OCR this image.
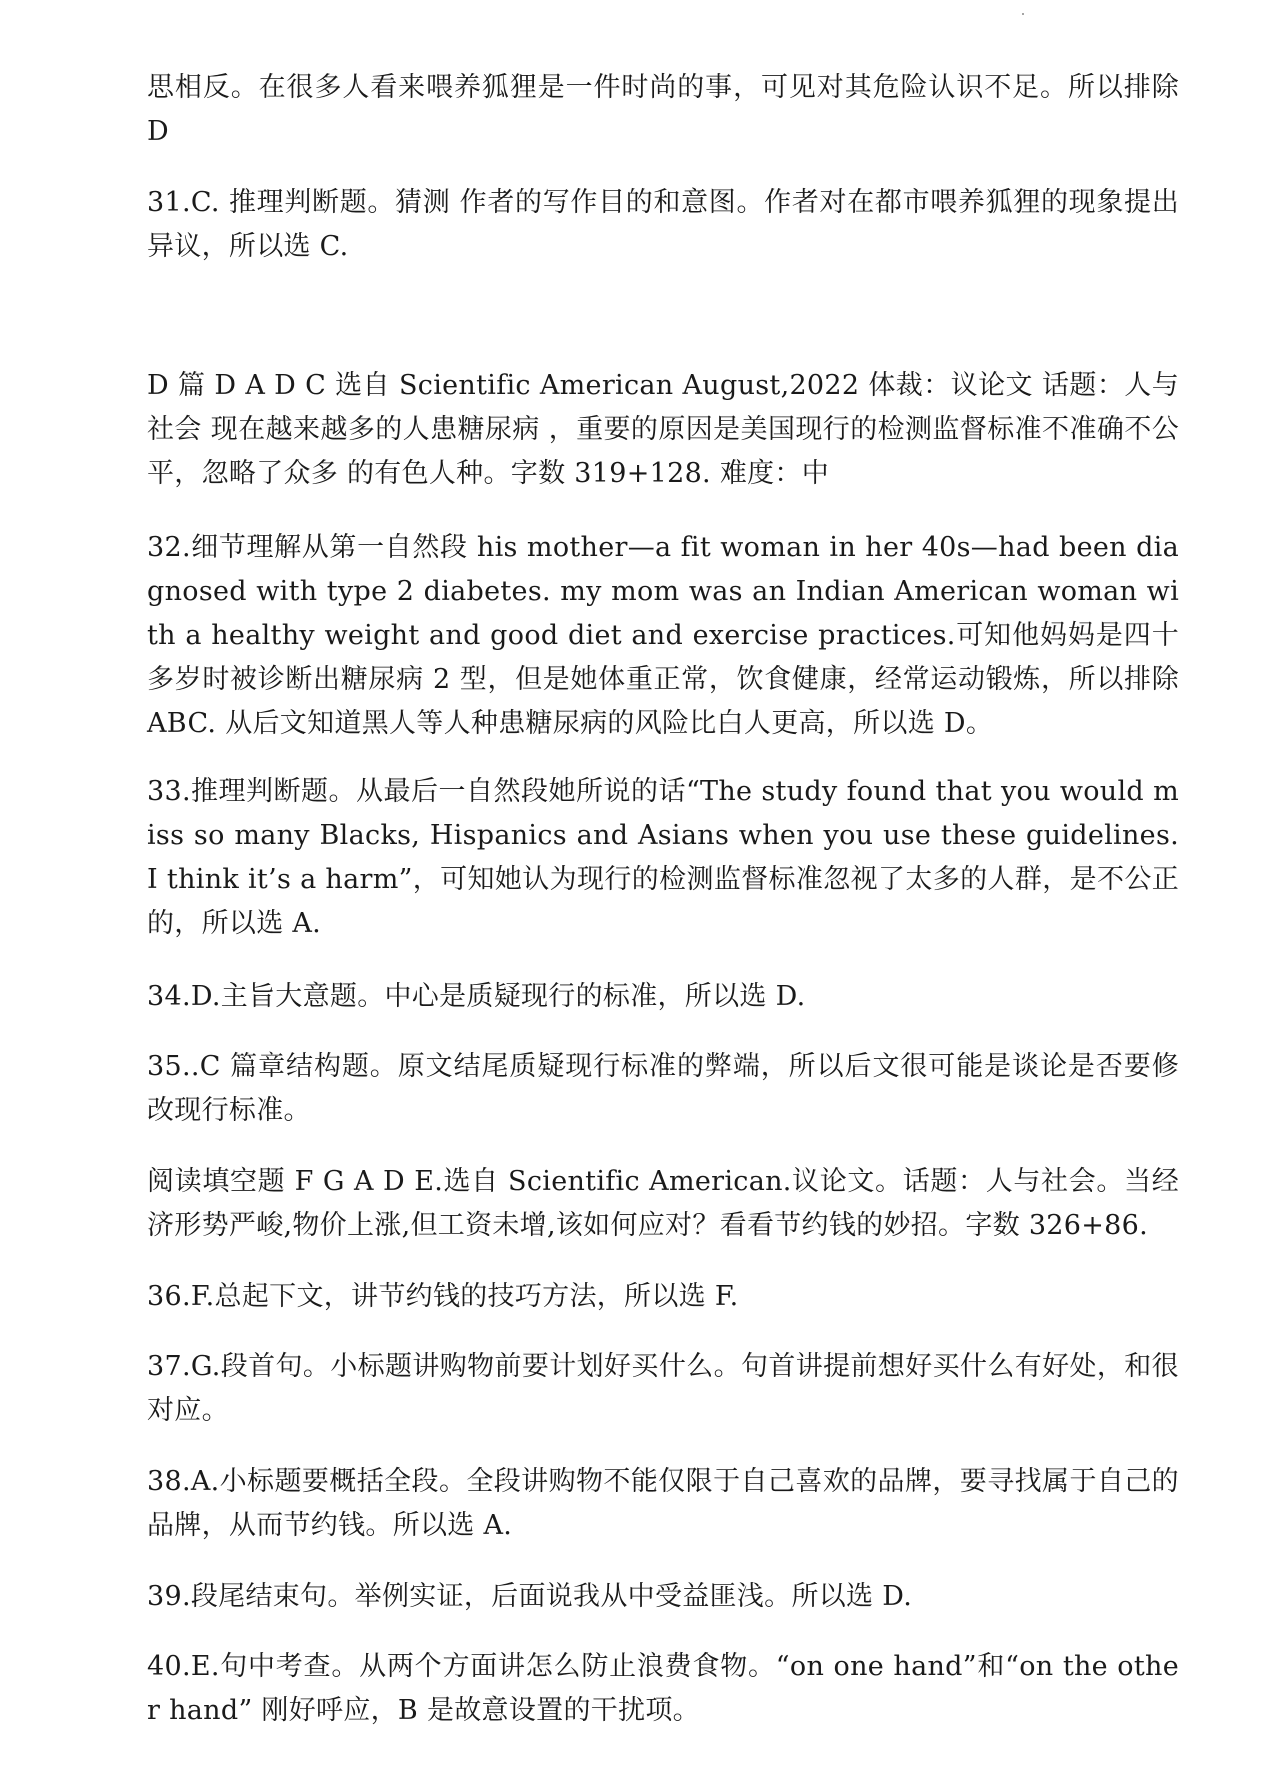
思相反。在很多人看来喂养狐狸是一件时尚的事，可见对其危险认识不足。所以排除 D

31.C. 推理判断题。猜测 作者的写作目的和意图。作者对在都市喂养狐狸的现象提出异议，所以选 C.

D 篇 D A D C 选自 Scientific American August,2022 体裁：议论文 话题：人与社会 现在越来越多的人患糖尿病 ，重要的原因是美国现行的检测监督标准不准确不公平，忽略了众多 的有色人种。字数 319+128. 难度：中

32.细节理解从第一自然段 his mother—a fit woman in her 40s—had been diagnosed with type 2 diabetes. my mom was an Indian American woman with a healthy weight and good diet and exercise practices.可知他妈妈是四十多岁时被诊断出糖尿病 2 型，但是她体重正常，饮食健康，经常运动锻炼，所以排除 ABC. 从后文知道黑人等人种患糖尿病的风险比白人更高，所以选 D。

33.推理判断题。从最后一自然段她所说的话“The study found that you would miss so many Blacks, Hispanics and Asians when you use these guidelines. I think it’s a harm”，可知她认为现行的检测监督标准忽视了太多的人群，是不公正的，所以选 A.

34.D.主旨大意题。中心是质疑现行的标准，所以选 D.

35..C 篇章结构题。原文结尾质疑现行标准的弊端，所以后文很可能是谈论是否要修改现行标准。

阅读填空题 F G A D E.选自 Scientific American.议论文。话题：人与社会。当经济形势严峻,物价上涨,但工资未增,该如何应对？看看节约钱的妙招。字数 326+86.

36.F.总起下文，讲节约钱的技巧方法，所以选 F.

37.G.段首句。小标题讲购物前要计划好买什么。句首讲提前想好买什么有好处，和很对应。

38.A.小标题要概括全段。全段讲购物不能仅限于自己喜欢的品牌，要寻找属于自己的品牌，从而节约钱。所以选 A.

39.段尾结束句。举例实证，后面说我从中受益匪浅。所以选 D.

40.E.句中考查。从两个方面讲怎么防止浪费食物。“on one hand”和“on the other hand” 刚好呼应，B 是故意设置的干扰项。
